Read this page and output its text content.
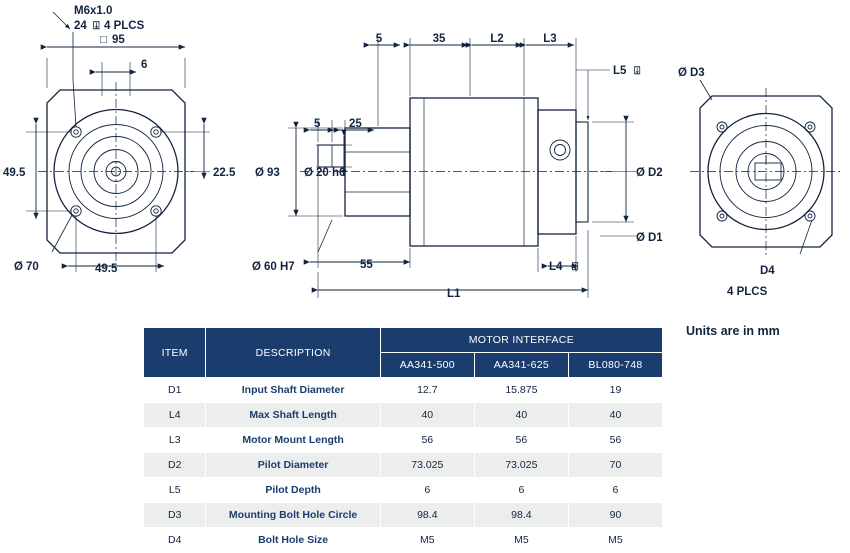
M6x1.0
24 ⍗ 4 PLCS
□ 95
6
49.5	22.5
Ø 70	49.5
5	35	L2	L3
L5 ⍗
5 25
Ø 93 Ø 20 h6
Ø 60 H7	55	L4 ⍗
L1
Ø D2
Ø D1
Ø D3
D4
4 PLCS
Units are in mm
ITEM	DESCRIPTION	MOTOR INTERFACE		
		AA341-500	AA341-625	BL080-748
D1	Input Shaft Diameter	12.7	15.875	19
L4	Max Shaft Length	40	40	40
L3	Motor Mount Length	56	56	56
D2	Pilot Diameter	73.025	73.025	70
L5	Pilot Depth	6	6	6
D3	Mounting Bolt Hole Circle	98.4	98.4	90
D4	Bolt Hole Size	M5	M5	M5
